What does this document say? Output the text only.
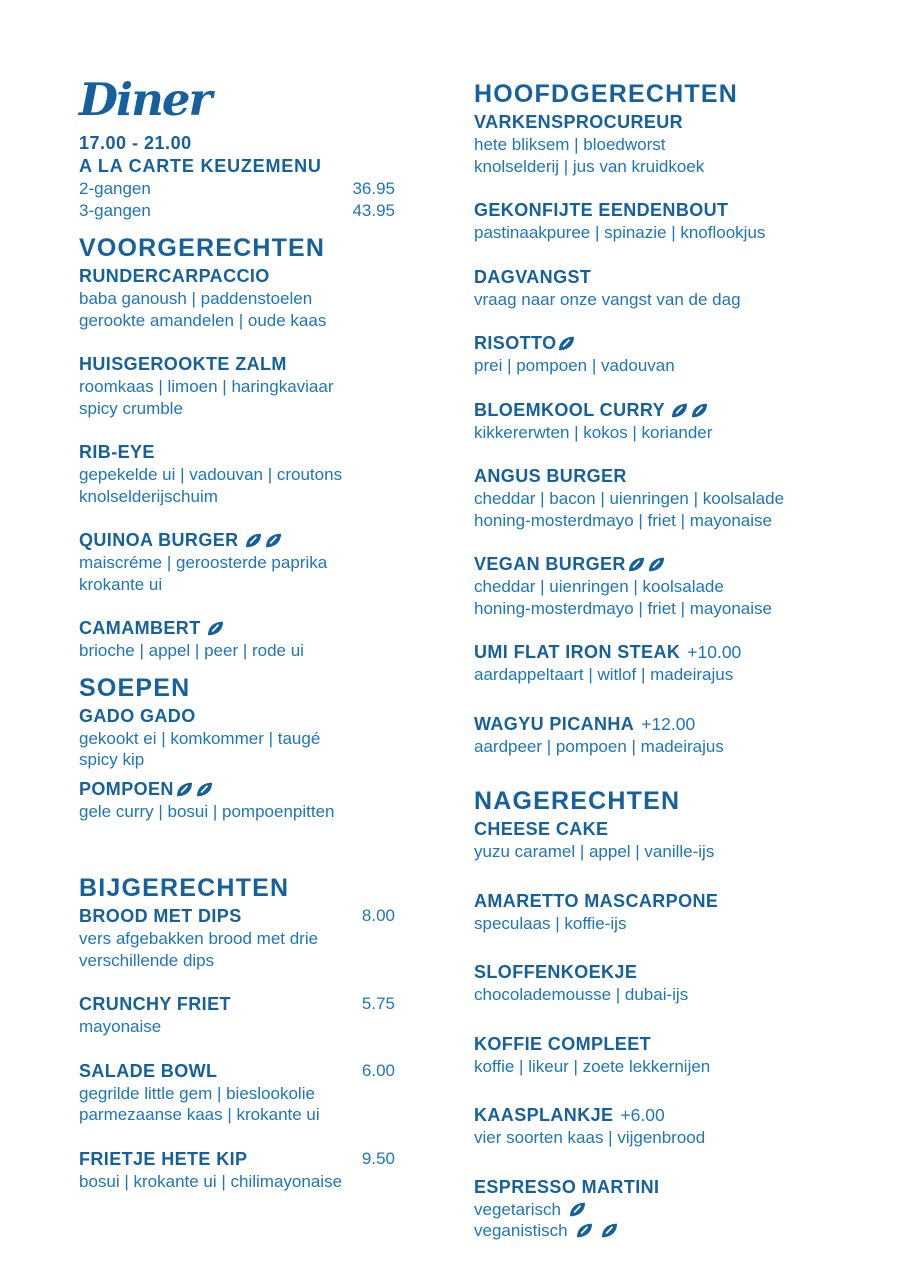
Diner
17.00 - 21.00
A LA CARTE KEUZEMENU
2-gangen	36.95
3-gangen	43.95
VOORGERECHTEN
RUNDERCARPACCIO
baba ganoush | paddenstoelen
gerookte amandelen | oude kaas
HUISGEROOKTE ZALM
roomkaas | limoen | haringkaviaar
spicy crumble
RIB-EYE
gepekelde ui | vadouvan | croutons
knolselderijschuim
QUINOA BURGER
maiscréme | geroosterde paprika
krokante ui
CAMAMBERT
brioche | appel | peer | rode ui
SOEPEN
GADO GADO
gekookt ei | komkommer | taugé
spicy kip
POMPOEN
gele curry | bosui | pompoenpitten
BIJGERECHTEN
BROOD MET DIPS	8.00
vers afgebakken brood met drie
verschillende dips
CRUNCHY FRIET	5.75
mayonaise
SALADE BOWL	6.00
gegrilde little gem | bieslookolie
parmezaanse kaas | krokante ui
FRIETJE HETE KIP	9.50
bosui | krokante ui | chilimayonaise
HOOFDGERECHTEN
VARKENSPROCUREUR
hete bliksem | bloedworst
knolselderij | jus van kruidkoek
GEKONFIJTE EENDENBOUT
pastinaakpuree | spinazie | knoflookjus
DAGVANGST
vraag naar onze vangst van de dag
RISOTTO
prei | pompoen | vadouvan
BLOEMKOOL CURRY
kikkererwten | kokos | koriander
ANGUS BURGER
cheddar | bacon | uienringen | koolsalade
honing-mosterdmayo | friet | mayonaise
VEGAN BURGER
cheddar | uienringen | koolsalade
honing-mosterdmayo | friet | mayonaise
UMI FLAT IRON STEAK +10.00
aardappeltaart | witlof | madeirajus
WAGYU PICANHA +12.00
aardpeer | pompoen | madeirajus
NAGERECHTEN
CHEESE CAKE
yuzu caramel | appel | vanille-ijs
AMARETTO MASCARPONE
speculaas | koffie-ijs
SLOFFENKOEKJE
chocolademousse | dubai-ijs
KOFFIE COMPLEET
koffie | likeur | zoete lekkernijen
KAASPLANKJE +6.00
vier soorten kaas | vijgenbrood
ESPRESSO MARTINI
vegetarisch
veganistisch
